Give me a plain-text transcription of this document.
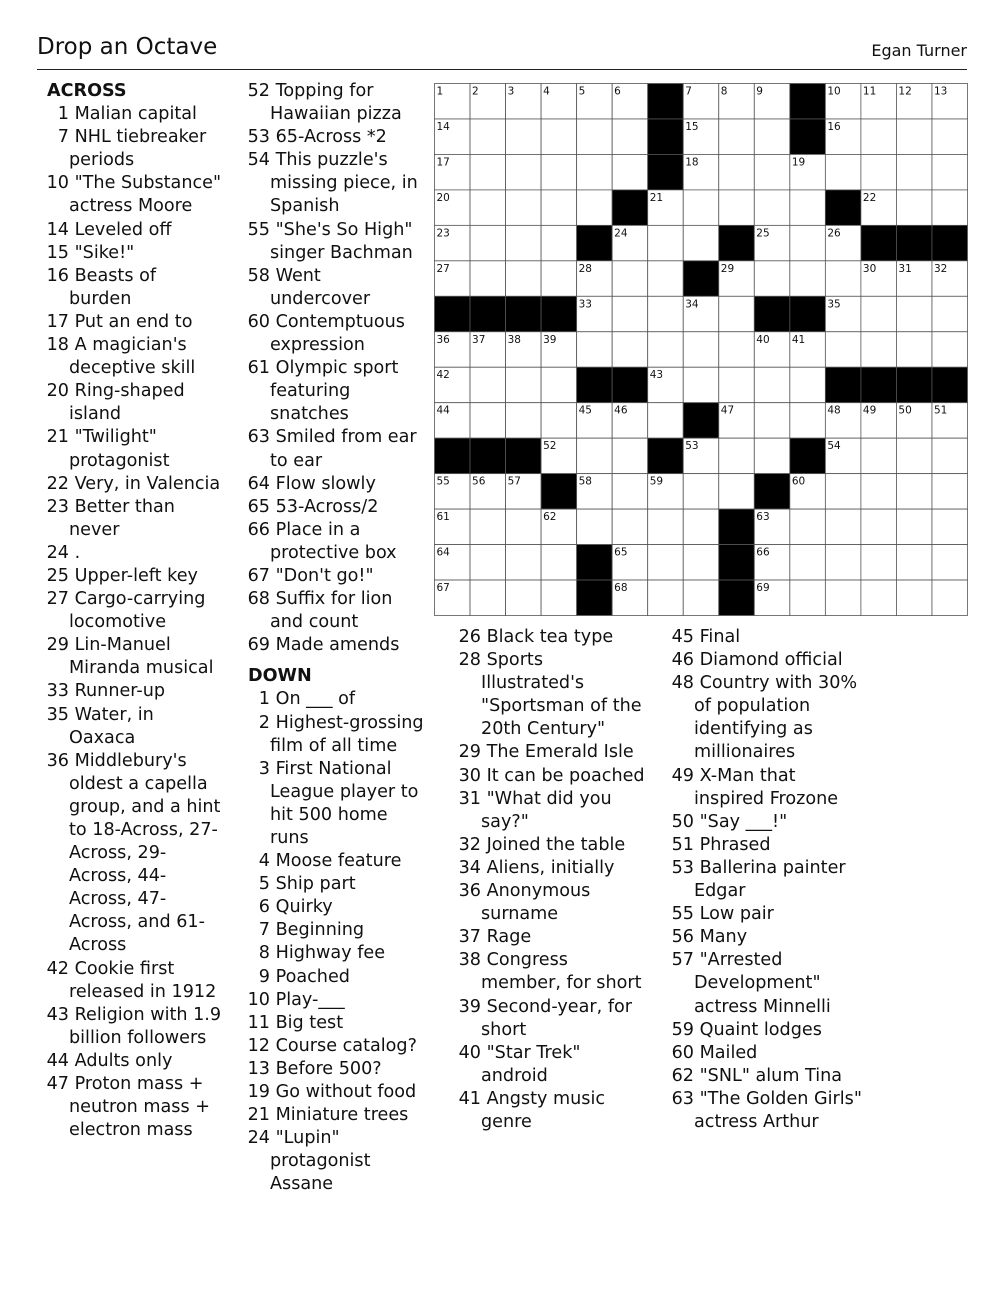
Drop an Octave	Egan Turner
ACROSS
1 Malian capital
7 NHL tiebreaker periods
10 "The Substance" actress Moore
14 Leveled off
15 "Sike!"
16 Beasts of burden
17 Put an end to
18 A magician's deceptive skill
20 Ring-shaped island
21 "Twilight" protagonist
22 Very, in Valencia
23 Better than never
24 .
25 Upper-left key
27 Cargo-carrying locomotive
29 Lin-Manuel Miranda musical
33 Runner-up
35 Water, in Oaxaca
36 Middlebury's oldest a capella group, and a hint to 18-Across, 27-Across, 29-Across, 44-Across, 47-Across, and 61-Across
42 Cookie first released in 1912
43 Religion with 1.9 billion followers
44 Adults only
47 Proton mass + neutron mass + electron mass
52 Topping for Hawaiian pizza
53 65-Across *2
54 This puzzle's missing piece, in Spanish
55 "She's So High" singer Bachman
58 Went undercover
60 Contemptuous expression
61 Olympic sport featuring snatches
63 Smiled from ear to ear
64 Flow slowly
65 53-Across/2
66 Place in a protective box
67 "Don't go!"
68 Suffix for lion and count
69 Made amends
DOWN
1 On ___ of
2 Highest-grossing film of all time
3 First National League player to hit 500 home runs
4 Moose feature
5 Ship part
6 Quirky
7 Beginning
8 Highway fee
9 Poached
10 Play-___
11 Big test
12 Course catalog?
13 Before 500?
19 Go without food
21 Miniature trees
24 "Lupin" protagonist Assane
26 Black tea type
28 Sports Illustrated's "Sportsman of the 20th Century"
29 The Emerald Isle
30 It can be poached
31 "What did you say?"
32 Joined the table
34 Aliens, initially
36 Anonymous surname
37 Rage
38 Congress member, for short
39 Second-year, for short
40 "Star Trek" android
41 Angsty music genre
45 Final
46 Diamond official
48 Country with 30% of population identifying as millionaires
49 X-Man that inspired Frozone
50 "Say ___!"
51 Phrased
53 Ballerina painter Edgar
55 Low pair
56 Many
57 "Arrested Development" actress Minnelli
59 Quaint lodges
60 Mailed
62 "SNL" alum Tina
63 "The Golden Girls" actress Arthur
1	2	3	4	5	6	7	8	9	10 11 12 13
14	15	16
17	18	19
20	21	22
23	24	25	26
27	28	29	30 31 32
33	34	35
36 37 38 39	40 41
42	43
44	45 46	47	48 49 50 51
52	53	54
55 56 57	58	59	60
61	62	63
64	65	66
67	68	69
